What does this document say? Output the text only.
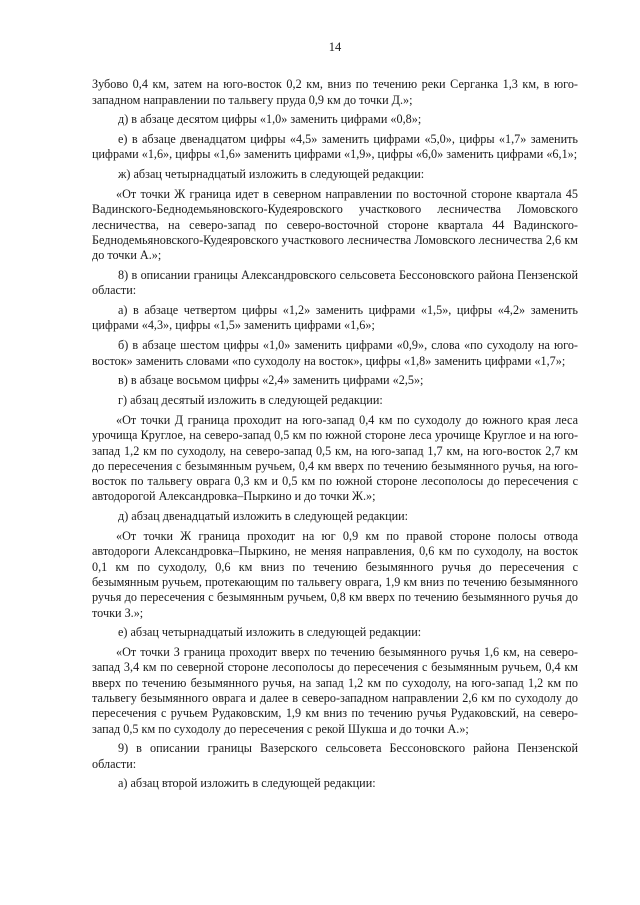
14

Зубово 0,4 км, затем на юго-восток 0,2 км, вниз по течению реки Серганка 1,3 км, в юго-западном направлении по тальвегу пруда 0,9 км до точки Д.»;

д) в абзаце десятом цифры «1,0» заменить цифрами «0,8»;

е) в абзаце двенадцатом цифры «4,5» заменить цифрами «5,0», цифры «1,7» заменить цифрами «1,6», цифры «1,6» заменить цифрами «1,9», цифры «6,0» заменить цифрами «6,1»;

ж) абзац четырнадцатый изложить в следующей редакции:

«От точки Ж граница идет в северном направлении по восточной стороне квартала 45 Вадинского-Беднодемьяновского-Кудеяровского участкового лесничества Ломовского лесничества, на северо-запад по северо-восточной стороне квартала 44 Вадинского-Беднодемьяновского-Кудеяровского участкового лесничества Ломовского лесничества 2,6 км до точки А.»;

8) в описании границы Александровского сельсовета Бессоновского района Пензенской области:

а) в абзаце четвертом цифры «1,2» заменить цифрами «1,5», цифры «4,2» заменить цифрами «4,3», цифры «1,5» заменить цифрами «1,6»;

б) в абзаце шестом цифры «1,0» заменить цифрами «0,9», слова «по суходолу на юго-восток» заменить словами «по суходолу на восток», цифры «1,8» заменить цифрами «1,7»;

в) в абзаце восьмом цифры «2,4» заменить цифрами «2,5»;

г) абзац десятый изложить в следующей редакции:

«От точки Д граница проходит на юго-запад 0,4 км по суходолу до южного края леса урочища Круглое, на северо-запад 0,5 км по южной стороне леса урочище Круглое и на юго-запад 1,2 км по суходолу, на северо-запад 0,5 км, на юго-запад 1,7 км, на юго-восток 2,7 км до пересечения с безымянным ручьем, 0,4 км вверх по течению безымянного ручья, на юго-восток по тальвегу оврага 0,3 км и 0,5 км по южной стороне лесополосы до пересечения с автодорогой Александровка–Пыркино и до точки Ж.»;

д) абзац двенадцатый изложить в следующей редакции:

«От точки Ж граница проходит на юг 0,9 км по правой стороне полосы отвода автодороги Александровка–Пыркино, не меняя направления, 0,6 км по суходолу, на восток 0,1 км по суходолу, 0,6 км вниз по течению безымянного ручья до пересечения с безымянным ручьем, протекающим по тальвегу оврага, 1,9 км вниз по течению безымянного ручья до пересечения с безымянным ручьем, 0,8 км вверх по течению безымянного ручья до точки З.»;

е) абзац четырнадцатый изложить в следующей редакции:

«От точки З граница проходит вверх по течению безымянного ручья 1,6 км, на северо-запад 3,4 км по северной стороне лесополосы до пересечения с безымянным ручьем, 0,4 км вверх по течению безымянного ручья, на запад 1,2 км по суходолу, на юго-запад 1,2 км по тальвегу безымянного оврага и далее в северо-западном направлении 2,6 км по суходолу до пересечения с ручьем Рудаковским, 1,9 км вниз по течению ручья Рудаковский, на северо-запад 0,5 км по суходолу до пересечения с рекой Шукша и до точки А.»;

9) в описании границы Вазерского сельсовета Бессоновского района Пензенской области:

а) абзац второй изложить в следующей редакции:
